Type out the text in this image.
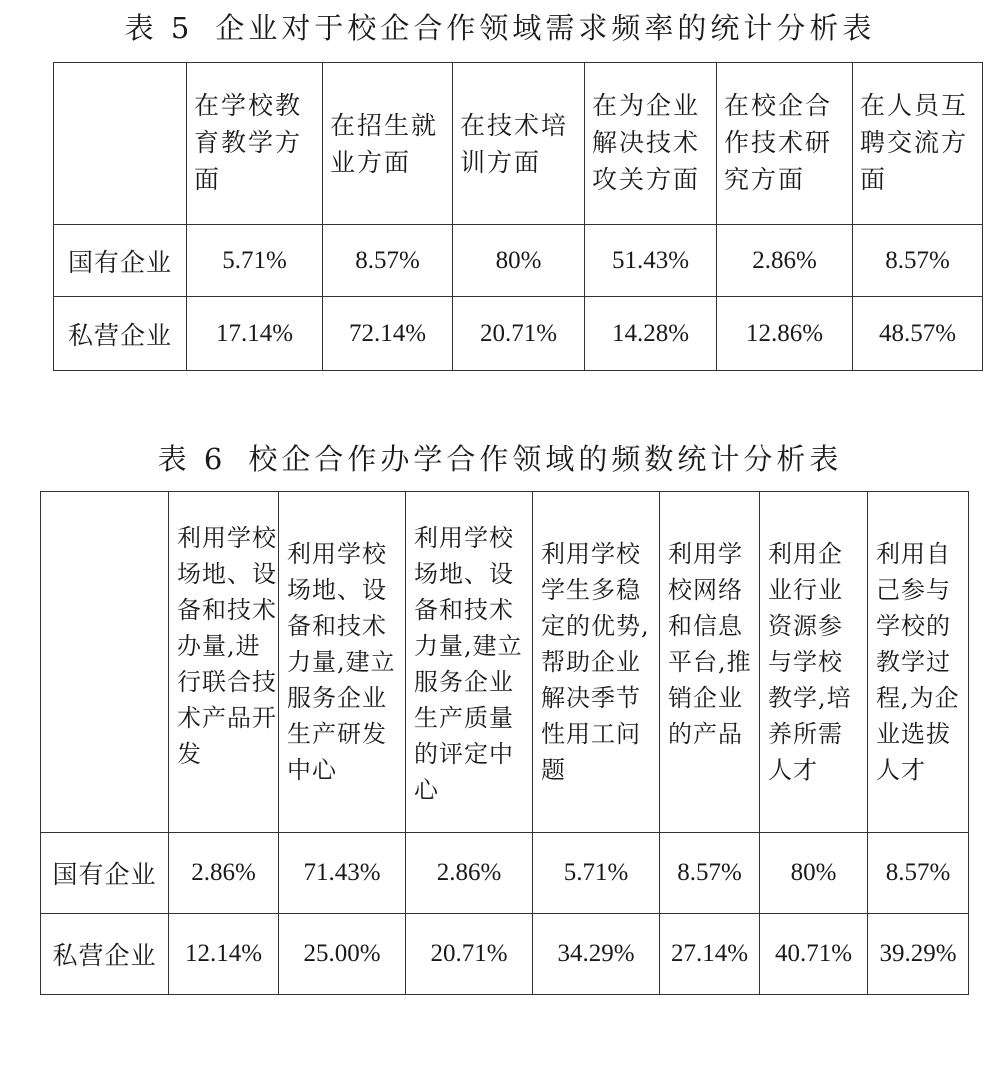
表 5 企业对于校企合作领域需求频率的统计分析表
	在学校教育教学方面	在招生就业方面	在技术培训方面	在为企业解决技术攻关方面	在校企合作技术研究方面	在人员互聘交流方面
国有企业	5.71%	8.57%	80%	51.43%	2.86%	8.57%
私营企业	17.14%	72.14%	20.71%	14.28%	12.86%	48.57%
表 6 校企合作办学合作领域的频数统计分析表
	利用学校场地、设备和技术办量,进行联合技术产品开发	利用学校场地、设备和技术力量,建立服务企业生产研发中心	利用学校场地、设备和技术力量,建立服务企业生产质量的评定中心	利用学校学生多稳定的优势,帮助企业解决季节性用工问题	利用学校网络和信息平台,推销企业的产品	利用企业行业资源参与学校教学,培养所需人才	利用自己参与学校的教学过程,为企业选拔人才
国有企业	2.86%	71.43%	2.86%	5.71%	8.57%	80%	8.57%
私营企业	12.14%	25.00%	20.71%	34.29%	27.14%	40.71%	39.29%
